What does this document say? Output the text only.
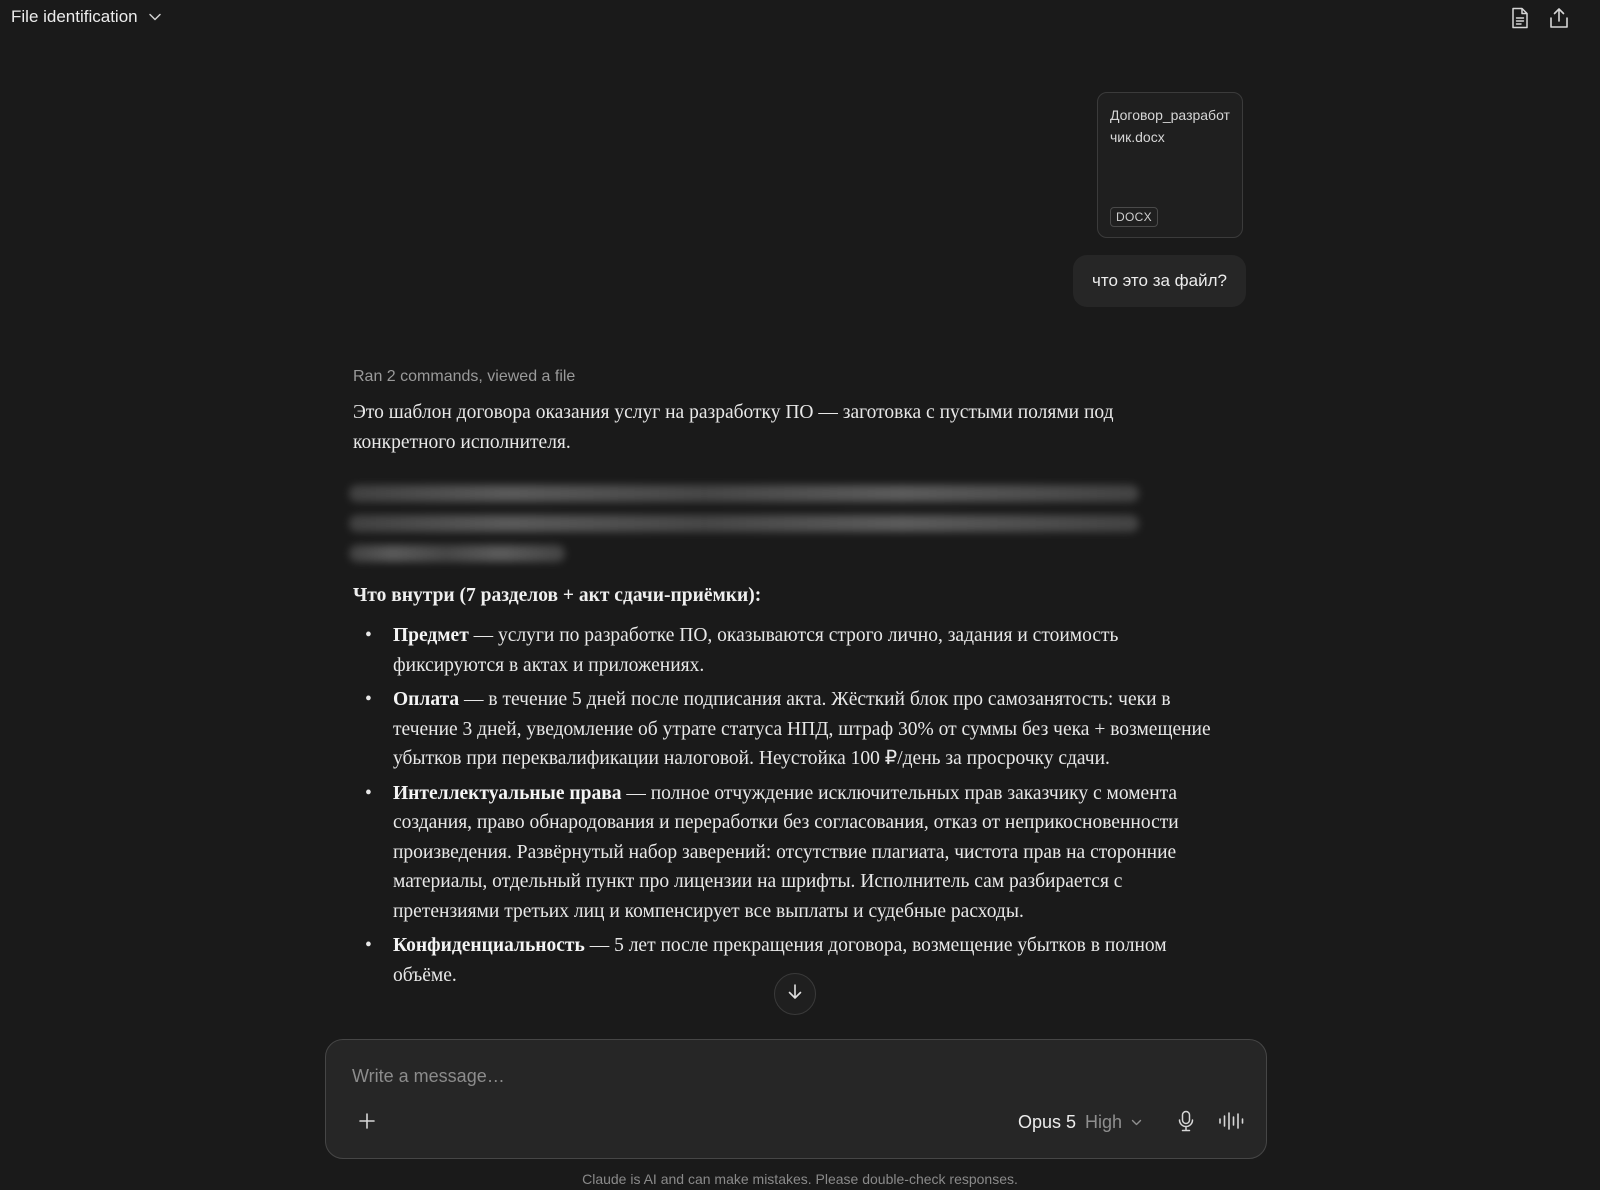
File identification
Договор_разработчик.docx
DOCX
что это за файл?
Ran 2 commands, viewed a file

Это шаблон договора оказания услуг на разработку ПО — заготовка с пустыми полями под конкретного исполнителя.

Что внутри (7 разделов + акт сдачи-приёмки):
• Предмет — услуги по разработке ПО, оказываются строго лично, задания и стоимость фиксируются в актах и приложениях.
• Оплата — в течение 5 дней после подписания акта. Жёсткий блок про самозанятость: чеки в течение 3 дней, уведомление об утрате статуса НПД, штраф 30% от суммы без чека + возмещение убытков при переквалификации налоговой. Неустойка 100 ₽/день за просрочку сдачи.
• Интеллектуальные права — полное отчуждение исключительных прав заказчику с момента создания, право обнародования и переработки без согласования, отказ от неприкосновенности произведения. Развёрнутый набор заверений: отсутствие плагиата, чистота прав на сторонние материалы, отдельный пункт про лицензии на шрифты. Исполнитель сам разбирается с претензиями третьих лиц и компенсирует все выплаты и судебные расходы.
• Конфиденциальность — 5 лет после прекращения договора, возмещение убытков в полном объёме.
Write a message…
Opus 5 High
Claude is AI and can make mistakes. Please double-check responses.
